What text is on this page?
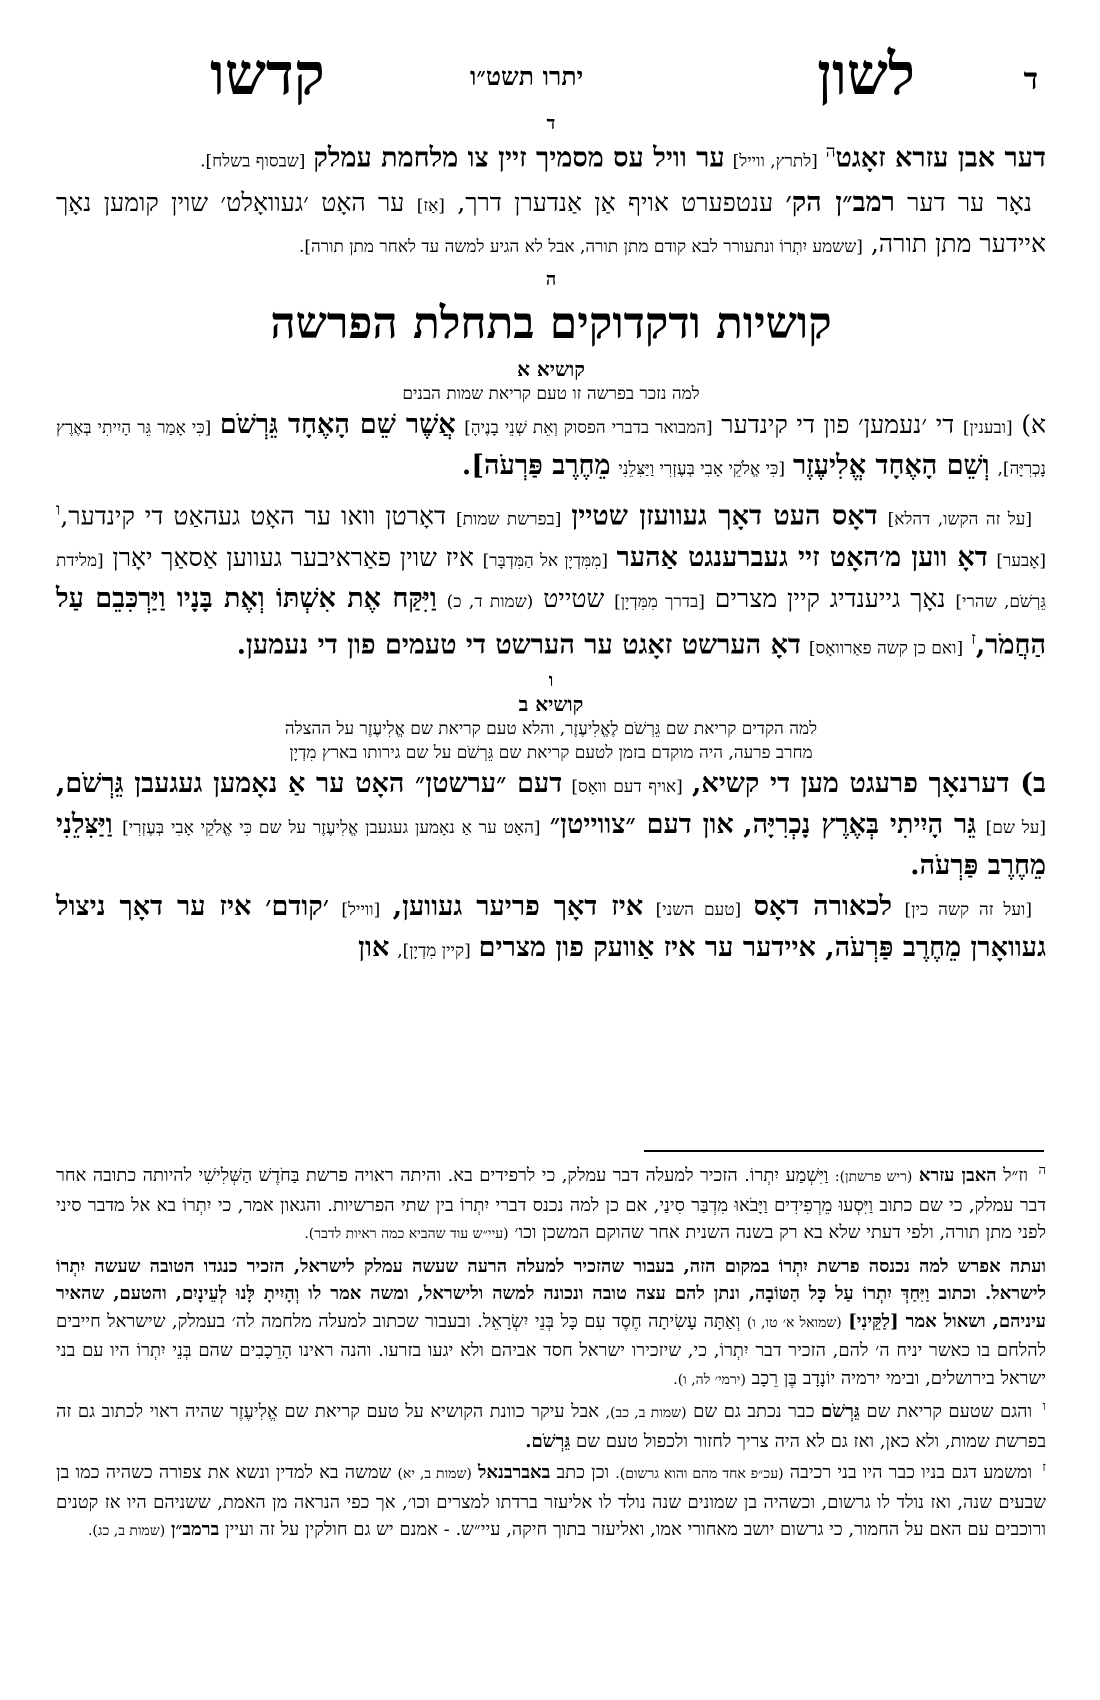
ד
לשון
יתרו תשט״ו
קדשו
ד

דער אבן עזרא זאָגט$^ה$ [לתרץ, ווייל] ער וויל עס מסמיך זיין צו מלחמת עמלק [שבסוף בשלח].

נאָר ער דער רמב״ן הק׳ ענטפערט אויף אַן אַנדערן דרך, [אַז] ער האָט ׳געוואָלט׳ שוין קומען נאָך איידער מתן תורה, [ששמע יִתְרוֹ ונתעורר לבא קודם מתן תורה, אבל לא הגיע למשה עד לאחר מתן תורה].

ה
קושיות ודקדוקים בתחלת הפרשה
קושיא א
למה נזכר בפרשה זו טעם קריאת שמות הבנים

א) [ובענין] די ׳נעמען׳ פון די קינדער [המבואר בדברי הפסוק וְאֵת שְׁנֵי בָנֶיהָ] אֲשֶׁר שֵׁם הָאֶחָד גֵּרְשֹׁם [כִּי אָמַר גֵּר הָיִיתִי בְּאֶרֶץ נָכְרִיָּה], וְשֵׁם הָאֶחָד אֱלִיעֶזֶר [כִּי אֱלֹקֵי אָבִי בְּעֶזְרִי וַיַּצִּלֵנִי מֵחֶרֶב פַּרְעֹה].

[על זה הקשו, דהלא] דאָס העט דאָך געוועזן שטיין [בפרשת שמות] דאָרטן וואו ער האָט געהאַט די קינדער,$^ו$ [אָבער] דאָ ווען מ׳האָט זיי געברענגט אַהער [מִמִּדְיָן אל הַמִּדְבָּר] איז שוין פאַראיבער געווען אַסאַך יאָרן [מלידת גֵּרְשֹׁם, שהרי] נאָך גייענדיג קיין מצרים [בדרך מִמִּדְיָן] שטייט (שמות ד, כ) וַיִּקַּח אֶת אִשְׁתּוֹ וְאֶת בָּנָיו וַיַּרְכִּבֵם עַל הַחֲמֹר,$^ז$ [ואם כן קשה פאַרוואָס] דאָ הערשט זאָגט ער הערשט די טעמים פון די נעמען.

ו
קושיא ב
למה הקדים קריאת שם גֵּרְשֹׁם לֶאֱלִיעֶזֶר, והלא טעם קריאת שם אֱלִיעֶזֶר על ההצלה
מחרב פרעה, היה מוקדם בזמן לטעם קריאת שם גֵּרְשֹׁם על שם גירותו בארץ מִדְיָן

ב) דערנאָך פרעגט מען די קשיא, [אויף דעם וואָס] דעם ״ערשטן״ האָט ער אַ נאָמען געגעבן גֵּרְשֹׁם, [על שם] גֵּר הָיִיתִי בְּאֶרֶץ נָכְרִיָּה, און דעם ״צווייטן״ [האָט ער אַ נאָמען געגעבן אֱלִיעֶזֶר על שם כִּי אֱלֹקֵי אָבִי בְּעֶזְרִי] וַיַּצִּלֵנִי מֵחֶרֶב פַּרְעֹה.

[ועל זה קשה כין] לכאורה דאָס [טעם השני] איז דאָך פריער געווען, [ווייל] ׳קודם׳ איז ער דאָך ניצול געוואָרן מֵחֶרֶב פַּרְעֹה, איידער ער איז אַוועק פון מצרים [קיין מִדְיָן], און

$^ה$ וז״ל האבן עזרא (ריש פרשתן): וַיִּשְׁמַע יִתְרוֹ. הזכיר למעלה דבר עמלק, כי לרפידים בא. והיתה ראויה פרשת בַּחֹדֶשׁ הַשְּׁלִישִׁי להיותה כתובה אחר דבר עמלק, כי שם כתוב וַיִּסְעוּ מֵרְפִידִים וַיָּבֹאוּ מִדְבַּר סִינַי, אם כן למה נכנס דברי יִתְרוֹ בין שתי הפרשיות. והגאון אמר, כי יִתְרוֹ בא אל מדבר סיני לפני מתן תורה, ולפי דעתי שלא בא רק בשנה השנית אחר שהוקם המשכן וכו׳ (עיי״ש עוד שהביא כמה ראיות לדבר).

ועתה אפרש למה נכנסה פרשת יִתְרוֹ במקום הזה, בעבור שהזכיר למעלה הרעה שעשה עמלק לישראל, הזכיר כנגדו הטובה שעשה יִתְרוֹ לישראל. וכתוב וַיִּחַדְּ יִתְרוֹ עַל כָּל הַטּוֹבָה, ונתן להם עצה טובה ונכונה למשה ולישראל, ומשה אמר לו וְהָיִיתָ לָּנוּ לְעֵינָיִם, והטעם, שהאיר עיניהם, ושאול אמר [לַקֵּינִי] (שמואל א׳ טו, ו) וְאַתָּה עָשִׂיתָה חֶסֶד עִם כָּל בְּנֵי יִשְׂרָאֵל. ובעבור שכתוב למעלה מלחמה לה׳ בעמלק, שישראל חייבים להלחם בו כאשר יניח ה׳ להם, הזכיר דבר יִתְרוֹ, כי, שיזכירו ישראל חסד אביהם ולא יגעו בזרעו. והנה ראינו הָרֵכָבִים שהם בְּנֵי יִתְרוֹ היו עם בני ישראל בירושלים, ובימי ירמיה יוֹנָדָב בֶּן רֵכָב (ירמי׳ לה, ו).

$^ו$ והגם שטעם קריאת שם גֵּרְשֹׁם כבר נכתב גם שם (שמות ב, כב), אבל עיקר כוונת הקושיא על טעם קריאת שם אֱלִיעֶזֶר שהיה ראוי לכתוב גם זה בפרשת שמות, ולא כאן, ואז גם לא היה צריך לחזור ולכפול טעם שם גֵּרְשֹׁם.

$^ז$ ומשמע דגם בניו כבר היו בני רכיבה (עכ״פ אחד מהם והוא גרשום). וכן כתב באברבנאל (שמות ב, יא) שמשה בא למדין ונשא את צפורה כשהיה כמו בן שבעים שנה, ואז נולד לו גרשום, וכשהיה בן שמונים שנה נולד לו אליעזר ברדתו למצרים וכו׳, אך כפי הנראה מן האמת, ששניהם היו אז קטנים ורוכבים עם האם על החמור, כי גרשום יושב מאחורי אמו, ואליעזר בתוך חיקה, עיי״ש. - אמנם יש גם חולקין על זה ועיין ברמב״ן (שמות ב, כג).
